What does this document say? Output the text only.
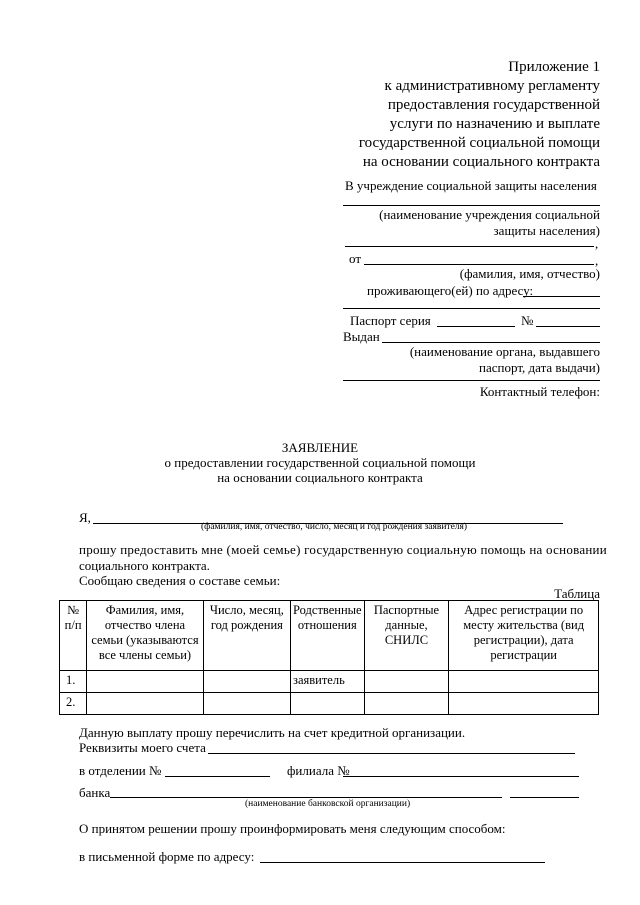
Приложение 1
к административному регламенту
предоставления государственной
услуги по назначению и выплате
государственной социальной помощи
на основании социального контракта
В учреждение социальной защиты населения
(наименование учреждения социальной
защиты населения)
,
от	,
(фамилия, имя, отчество)
проживающего(ей) по адресу:
Паспорт серия	№
Выдан
(наименование органа, выдавшего
паспорт, дата выдачи)
Контактный телефон:
ЗАЯВЛЕНИЕ
о предоставлении государственной социальной помощи
на основании социального контракта
Я,
(фамилия, имя, отчество, число, месяц и год рождения заявителя)
прошу предоставить мне (моей семье) государственную социальную помощь на основании
социального контракта.
Сообщаю сведения о составе семьи:
Таблица
№ п/п	Фамилия, имя, отчество члена семьи (указываются все члены семьи)	Число, месяц, год рождения	Родственные отношения	Паспортные данные, СНИЛС	Адрес регистрации по месту жительства (вид регистрации), дата регистрации
1.			заявитель		
2.					
Данную выплату прошу перечислить на счет кредитной организации.
Реквизиты моего счета
в отделении №	филиала №
банка
(наименование банковской организации)
О принятом решении прошу проинформировать меня следующим способом:
в письменной форме по адресу:
